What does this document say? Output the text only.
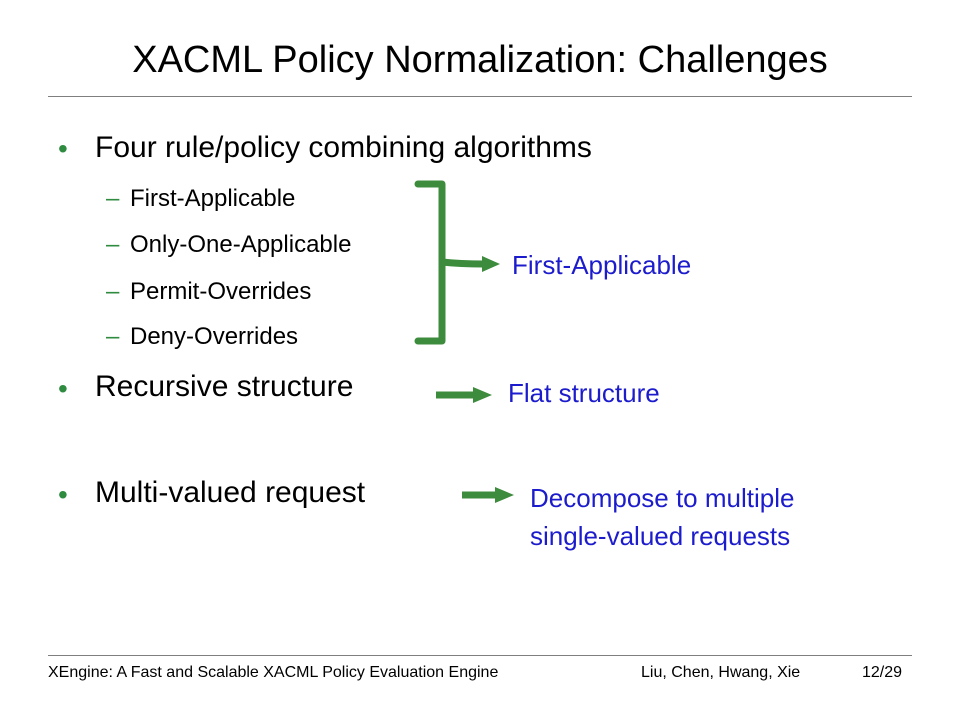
XACML Policy Normalization: Challenges
• Four rule/policy combining algorithms
– First-Applicable
– Only-One-Applicable
– Permit-Overrides
– Deny-Overrides
First-Applicable
• Recursive structure	Flat structure
• Multi-valued request	Decompose to multiple
single-valued requests
XEngine: A Fast and Scalable XACML Policy Evaluation Engine	Liu, Chen, Hwang, Xie	12/29
